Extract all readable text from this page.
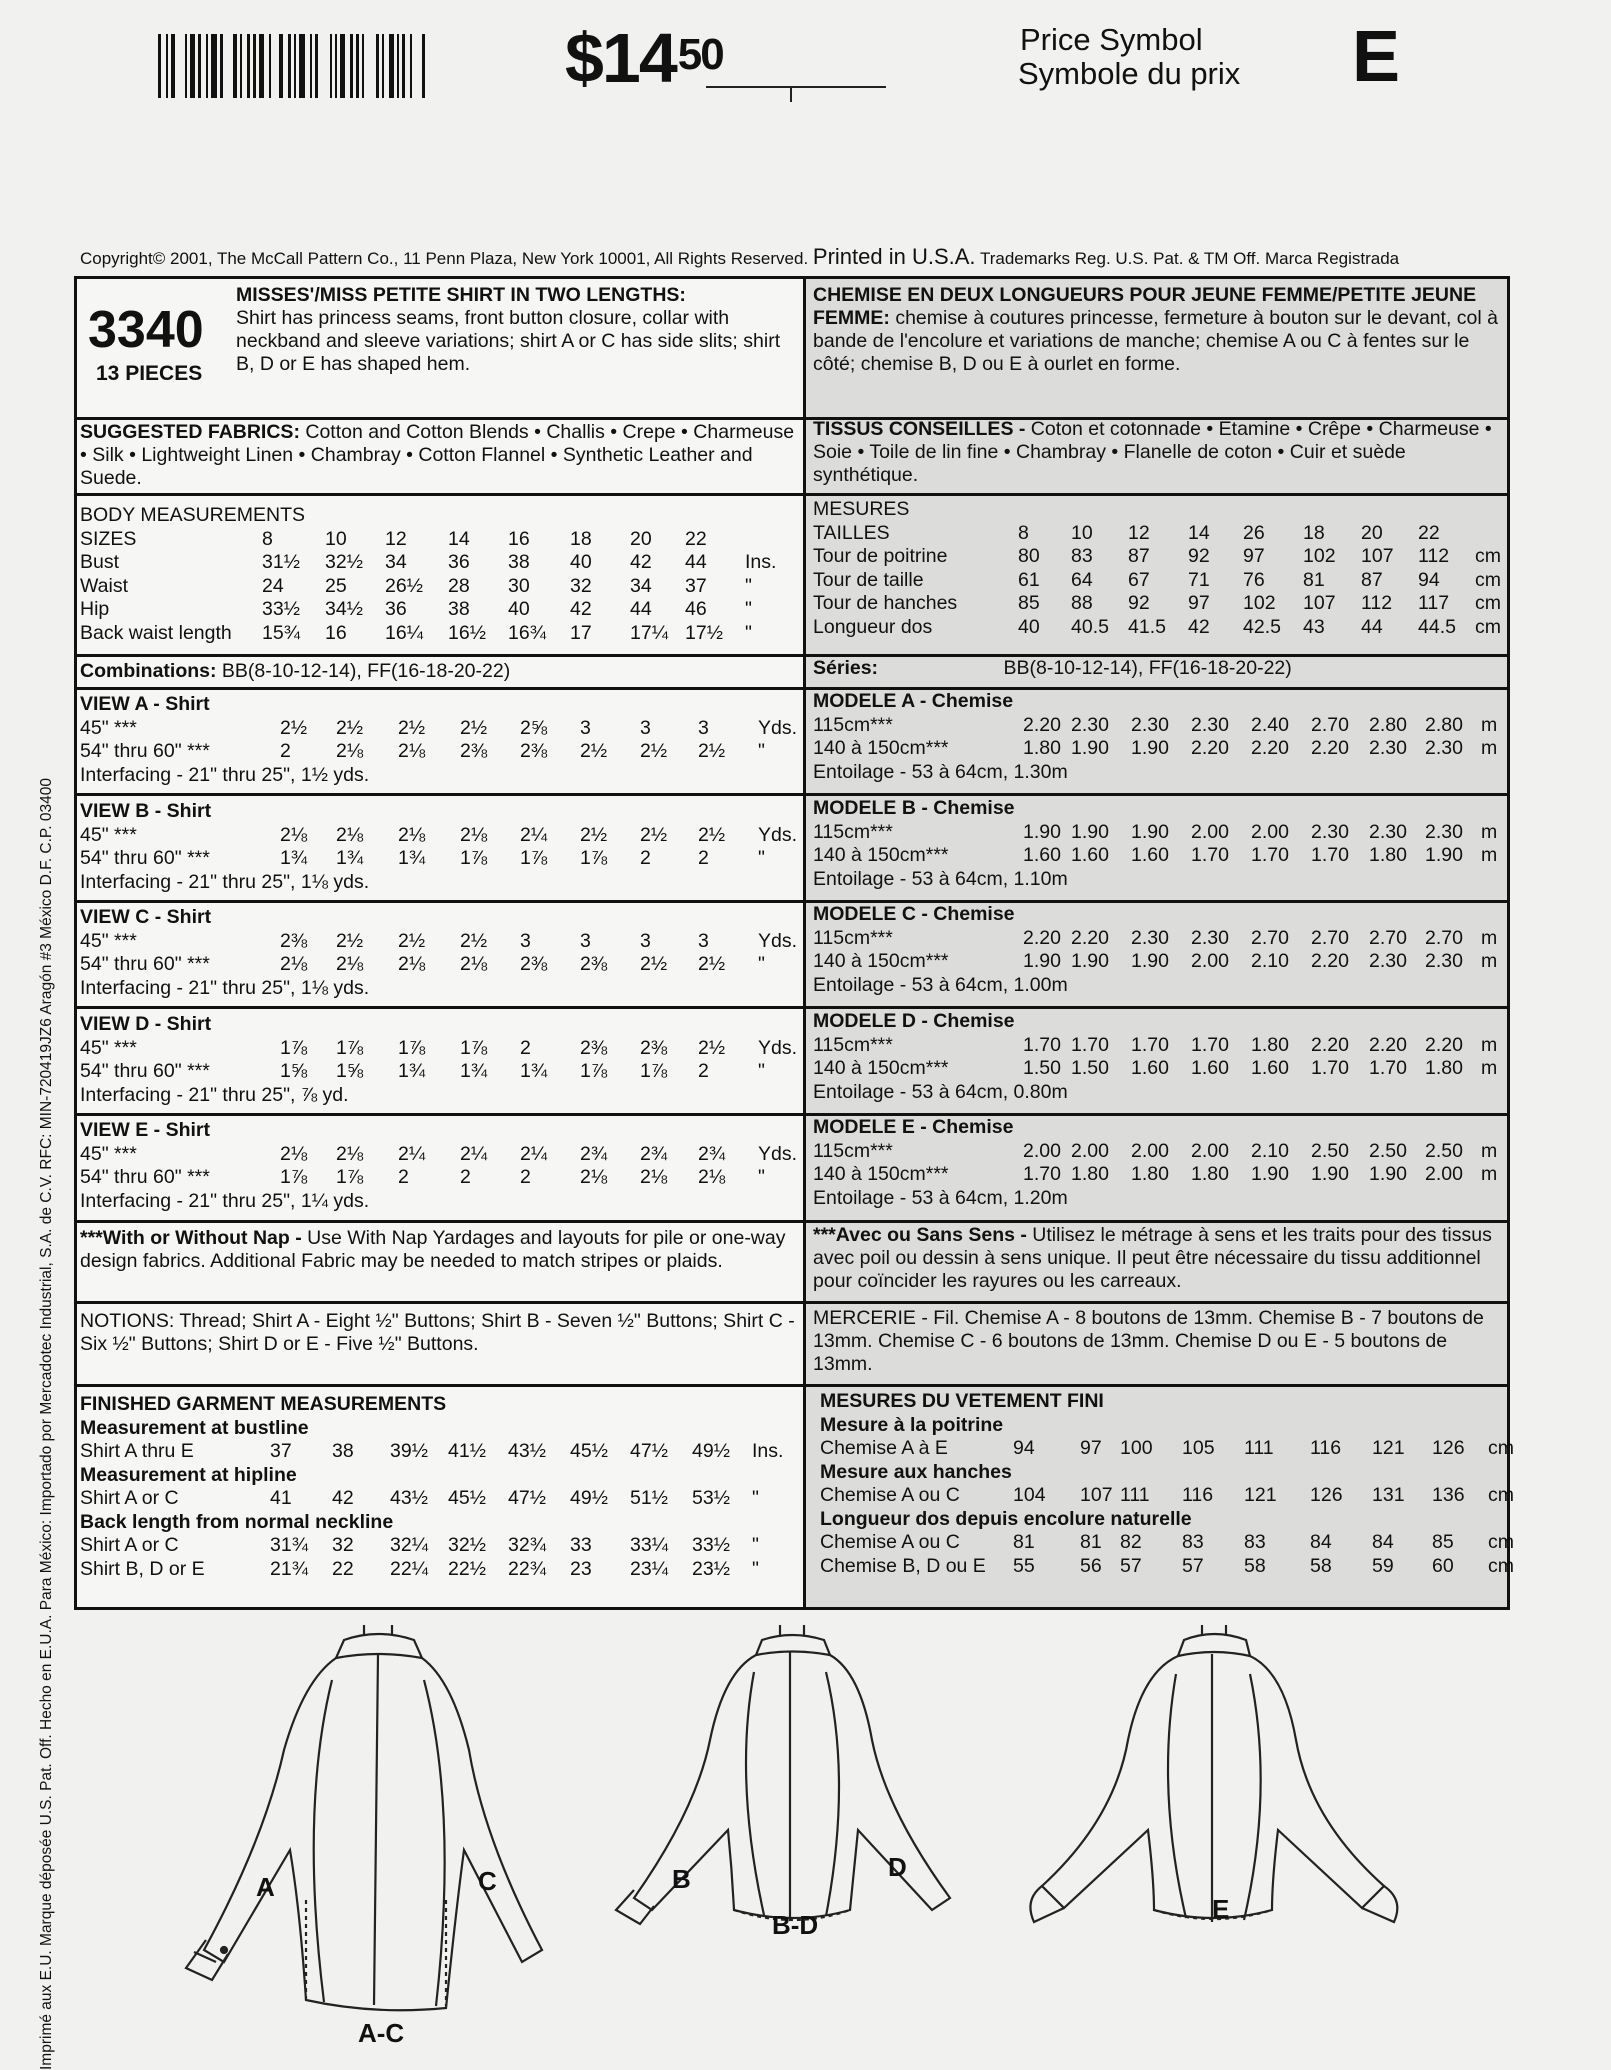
$\$14^{50}$	Price Symbol
Symbole du prix E
Copyright© 2001, The McCall Pattern Co., 11 Penn Plaza, New York 10001, All Rights Reserved. Printed in U.S.A. Trademarks Reg. U.S. Pat. & TM Off. Marca Registrada
Imprimé aux E.U. Marque déposée U.S. Pat. Off. Hecho en E.U.A. Para México: Importado por Mercadotec Industrial, S.A. de C.V. RFC: MIN-720419JZ6 Aragón #3 México D.F. C.P. 03400
3340
13 PIECES
MISSES'/MISS PETITE SHIRT IN TWO LENGTHS:
Shirt has princess seams, front button closure, collar with neckband and sleeve variations; shirt A or C has side slits; shirt B, D or E has shaped hem.
CHEMISE EN DEUX LONGUEURS POUR JEUNE FEMME/PETITE JEUNE FEMME: chemise à coutures princesse, fermeture à bouton sur le devant, col à bande de l'encolure et variations de manche; chemise A ou C à fentes sur le côté; chemise B, D ou E à ourlet en forme.
SUGGESTED FABRICS: Cotton and Cotton Blends • Challis • Crepe • Charmeuse • Silk • Lightweight Linen • Chambray • Cotton Flannel • Synthetic Leather and Suede.
TISSUS CONSEILLES - Coton et cotonnade • Etamine • Crêpe • Charmeuse • Soie • Toile de lin fine • Chambray • Flanelle de coton • Cuir et suède synthétique.
BODY MEASUREMENTS
SIZES	8	10 12 14 16 18 20 22
Bust	31½ 32½ 34 36 38 40 42 44 Ins.
Waist	24 25 26½ 28 30 32 34 37 "
Hip	33½ 34½ 36 38 40 42 44 46 "
Back waist length 15¾ 16 16¼ 16½ 16¾ 17 17¼ 17½ "
MESURES
TAILLES	8 10 12 14 26 18 20 22
Tour de poitrine	80 83 87 92 97 102 107 112 cm
Tour de taille	61 64 67 71 76 81 87 94 cm
Tour de hanches	85 88 92 97 102 107 112 117 cm
Longueur dos	40 40.5 41.5 42 42.5 43 44 44.5 cm
Combinations: BB(8-10-12-14), FF(16-18-20-22)	Séries:	BB(8-10-12-14), FF(16-18-20-22)
VIEW A - Shirt
45" ***	2½ 2½ 2½ 2½ 2⅝ 3	3 3	Yds.
54" thru 60" ***	2 2⅛ 2⅛ 2⅜ 2⅜ 2½ 2½ 2½ "
Interfacing - 21" thru 25", 1½ yds.
VIEW B - Shirt
45" ***	2⅛ 2⅛ 2⅛ 2⅛ 2¼ 2½ 2½ 2½ Yds.
54" thru 60" ***	1¾ 1¾ 1¾ 1⅞ 1⅞ 1⅞ 2 2	"
Interfacing - 21" thru 25", 1⅛ yds.
VIEW C - Shirt
45" ***	2⅜ 2½ 2½ 2½ 3	3	3 3	Yds.
54" thru 60" ***	2⅛ 2⅛ 2⅛ 2⅛ 2⅜ 2⅜ 2½ 2½ "
Interfacing - 21" thru 25", 1⅛ yds.
VIEW D - Shirt
45" ***	1⅞ 1⅞ 1⅞ 1⅞ 2	2⅜ 2⅜ 2½ Yds.
54" thru 60" ***	1⅝ 1⅝ 1¾ 1¾ 1¾ 1⅞ 1⅞ 2	"
Interfacing - 21" thru 25", ⅞ yd.
VIEW E - Shirt
45" ***	2⅛ 2⅛ 2¼ 2¼ 2¼ 2¾ 2¾ 2¾ Yds.
54" thru 60" ***	1⅞ 1⅞ 2	2	2	2⅛ 2⅛ 2⅛ "
Interfacing - 21" thru 25", 1¼ yds.
MODELE A - Chemise
115cm***	2.20 2.30 2.30 2.30 2.40 2.70 2.80 2.80 m
140 à 150cm***	1.80 1.90 1.90 2.20 2.20 2.20 2.30 2.30 m
Entoilage - 53 à 64cm, 1.30m
MODELE B - Chemise
115cm***	1.90 1.90 1.90 2.00 2.00 2.30 2.30 2.30 m
140 à 150cm***	1.60 1.60 1.60 1.70 1.70 1.70 1.80 1.90 m
Entoilage - 53 à 64cm, 1.10m
MODELE C - Chemise
115cm***	2.20 2.20 2.30 2.30 2.70 2.70 2.70 2.70 m
140 à 150cm***	1.90 1.90 1.90 2.00 2.10 2.20 2.30 2.30 m
Entoilage - 53 à 64cm, 1.00m
MODELE D - Chemise
115cm***	1.70 1.70 1.70 1.70 1.80 2.20 2.20 2.20 m
140 à 150cm***	1.50 1.50 1.60 1.60 1.60 1.70 1.70 1.80 m
Entoilage - 53 à 64cm, 0.80m
MODELE E - Chemise
115cm***	2.00 2.00 2.00 2.00 2.10 2.50 2.50 2.50 m
140 à 150cm***	1.70 1.80 1.80 1.80 1.90 1.90 1.90 2.00 m
Entoilage - 53 à 64cm, 1.20m
***With or Without Nap - Use With Nap Yardages and layouts for pile or one-way design fabrics. Additional Fabric may be needed to match stripes or plaids.
***Avec ou Sans Sens - Utilisez le métrage à sens et les traits pour des tissus avec poil ou dessin à sens unique. Il peut être nécessaire du tissu additionnel pour coïncider les rayures ou les carreaux.
NOTIONS: Thread; Shirt A - Eight ½" Buttons; Shirt B - Seven ½" Buttons; Shirt C - Six ½" Buttons; Shirt D or E - Five ½" Buttons.
MERCERIE - Fil. Chemise A - 8 boutons de 13mm. Chemise B - 7 boutons de 13mm. Chemise C - 6 boutons de 13mm. Chemise D ou E - 5 boutons de 13mm.
FINISHED GARMENT MEASUREMENTS
Measurement at bustline
Shirt A thru E	37 38 39½ 41½ 43½ 45½ 47½ 49½ Ins.
Measurement at hipline
Shirt A or C	41 42 43½ 45½ 47½ 49½ 51½ 53½ "
Back length from normal neckline
Shirt A or C	31¾ 32 32¼ 32½ 32¾ 33 33¼ 33½ "
Shirt B, D or E	21¾ 22 22¼ 22½ 22¾ 23 23¼ 23½ "
MESURES DU VETEMENT FINI
Mesure à la poitrine
Chemise A à E	94 97 100 105 111 116 121 126 cm
Mesure aux hanches
Chemise A ou C	104 107 111 116 121 126 131 136 cm
Longueur dos depuis encolure naturelle
Chemise A ou C	81 81 82 83 83 84 84 85 cm
Chemise B, D ou E 55 56 57 57 58 58 59 60 cm
A	C
A-C
B	D
B-D
E
